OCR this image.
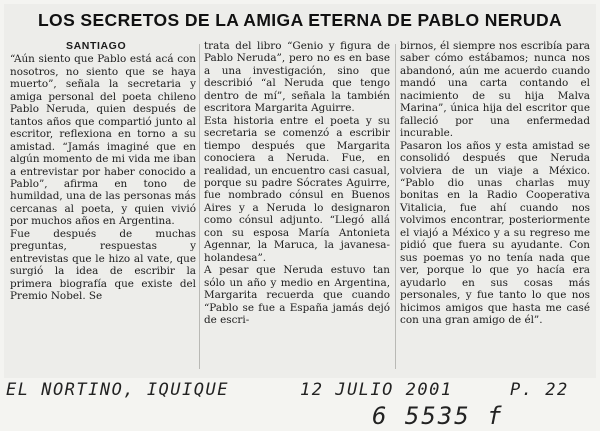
LOS SECRETOS DE LA AMIGA ETERNA DE PABLO NERUDA
SANTIAGO

“Aún siento que Pablo está acá con nosotros, no siento que se haya muerto”, señala la secretaria y amiga personal del poeta chileno Pablo Neruda, quien después de tantos años que compartió junto al escritor, reflexiona en torno a su amistad. “Jamás imaginé que en algún momento de mi vida me iban a entrevistar por haber conocido a Pablo”, afirma en tono de humildad, una de las personas más cercanas al poeta, y quien vivió por muchos años en Argentina.

Fue después de muchas preguntas, respuestas y entrevistas que le hizo al vate, que surgió la idea de escribir la primera biografía que existe del Premio Nobel. Se

trata del libro “Genio y figura de Pablo Neruda”, pero no es en base a una investigación, sino que describió “al Neruda que tengo dentro de mí”, señala la también escritora Margarita Aguirre.

Esta historia entre el poeta y su secretaria se comenzó a escribir tiempo después que Margarita conociera a Neruda. Fue, en realidad, un encuentro casi casual, porque su padre Sócrates Aguirre, fue nombrado cónsul en Buenos Aires y a Neruda lo designaron como cónsul adjunto. “Llegó allá con su esposa María Antonieta Agennar, la Maruca, la javanesa-holandesa”.

A pesar que Neruda estuvo tan sólo un año y medio en Argentina, Margarita recuerda que cuando “Pablo se fue a España jamás dejó de escri-

birnos, él siempre nos escribía para saber cómo estábamos; nunca nos abandonó, aún me acuerdo cuando mandó una carta contando el nacimiento de su hija Malva Marina”, única hija del escritor que falleció por una enfermedad incurable.

Pasaron los años y esta amistad se consolidó después que Neruda volviera de un viaje a México. “Pablo dio unas charlas muy bonitas en la Radio Cooperativa Vitalicia, fue ahí cuando nos volvimos encontrar, posteriormente el viajó a México y a su regreso me pidió que fuera su ayudante. Con sus poemas yo no tenía nada que ver, porque lo que yo hacía era ayudarlo en sus cosas más personales, y fue tanto lo que nos hicimos amigos que hasta me casé con una gran amigo de él”.

EL NORTINO, IQUIQUE	12 JULIO 2001	P. 22
6 5535 f
